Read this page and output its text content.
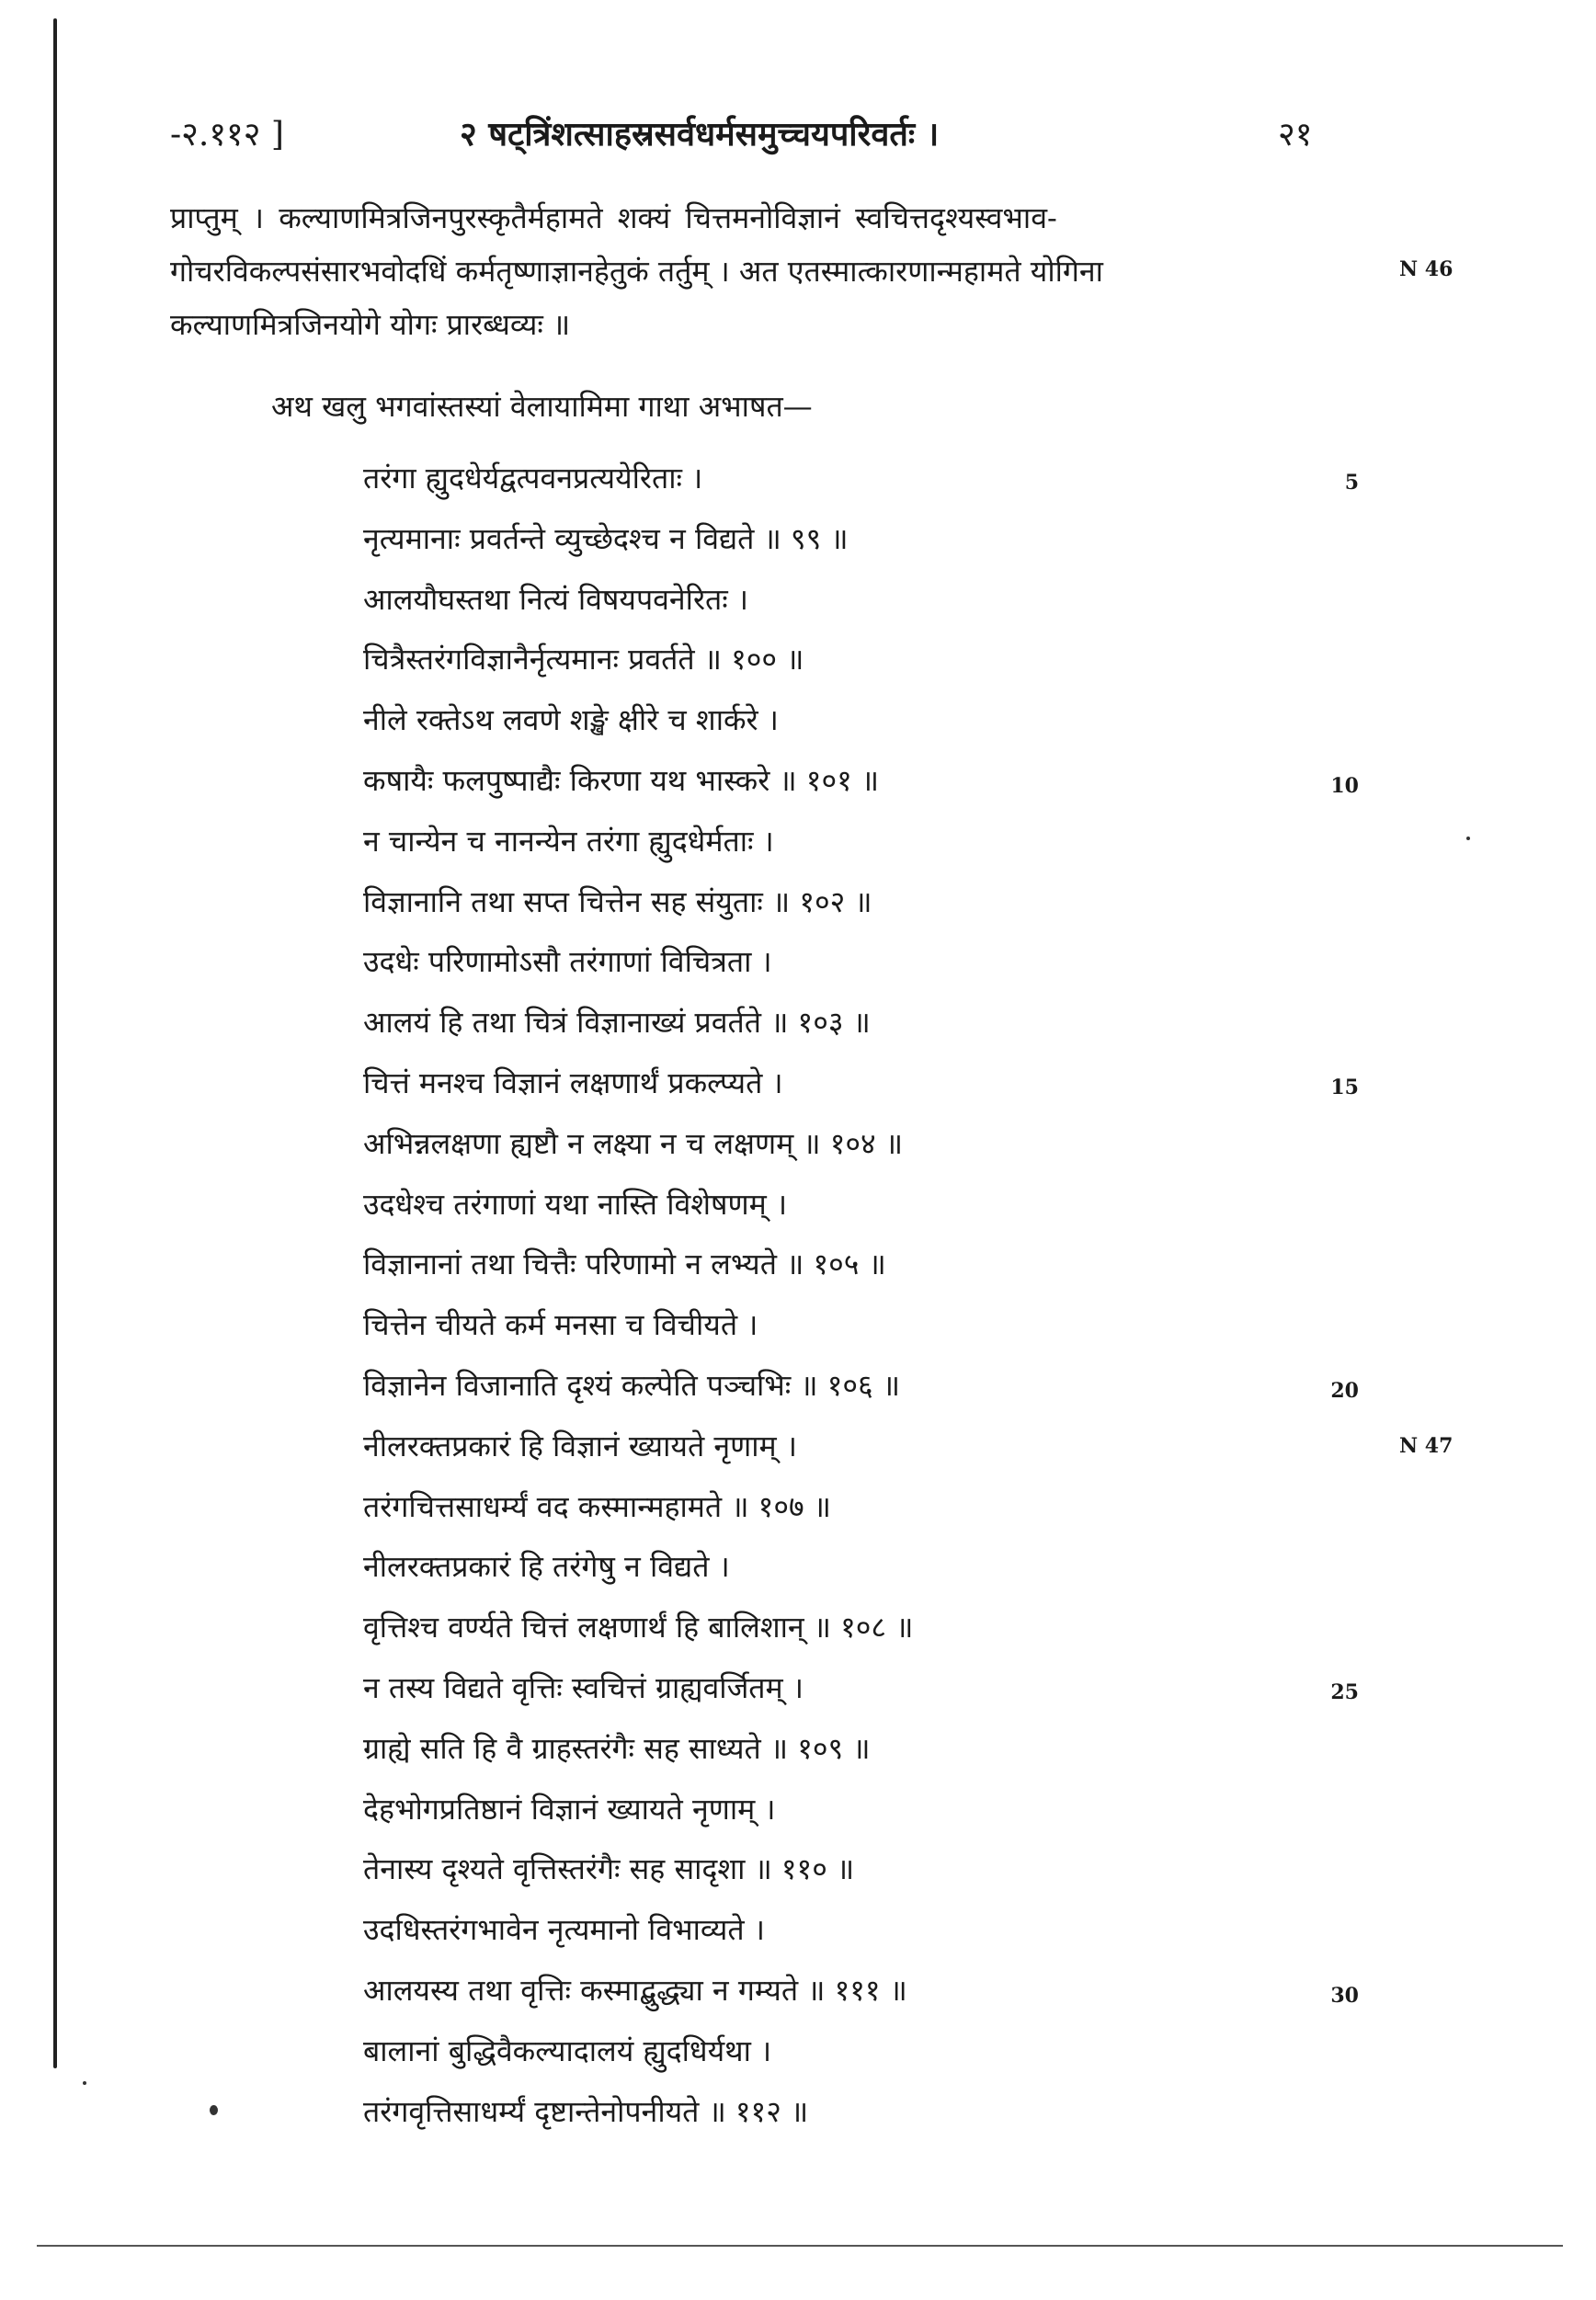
-२.११२ ]	२ षट्त्रिंशत्साहस्रसर्वधर्मसमुच्चयपरिवर्तः ।	२१
प्राप्तुम् । कल्याणमित्रजिनपुरस्कृतैर्महामते शक्यं चित्तमनोविज्ञानं स्वचित्तदृश्यस्वभाव-
गोचरविकल्पसंसारभवोदधिं कर्मतृष्णाज्ञानहेतुकं तर्तुम् । अत एतस्मात्कारणान्महामते योगिना
कल्याणमित्रजिनयोगे योगः प्रारब्धव्यः ॥
अथ खलु भगवांस्तस्यां वेलायामिमा गाथा अभाषत—
तरंगा ह्युदधेर्यद्वत्पवनप्रत्ययेरिताः ।
नृत्यमानाः प्रवर्तन्ते व्युच्छेदश्च न विद्यते ॥ ९९ ॥
आलयौघस्तथा नित्यं विषयपवनेरितः ।
चित्रैस्तरंगविज्ञानैर्नृत्यमानः प्रवर्तते ॥ १०० ॥
नीले रक्तेऽथ लवणे शङ्खे क्षीरे च शार्करे ।
कषायैः फलपुष्पाद्यैः किरणा यथ भास्करे ॥ १०१ ॥
न चान्येन च नानन्येन तरंगा ह्युदधेर्मताः ।
विज्ञानानि तथा सप्त चित्तेन सह संयुताः ॥ १०२ ॥
उदधेः परिणामोऽसौ तरंगाणां विचित्रता ।
आलयं हि तथा चित्रं विज्ञानाख्यं प्रवर्तते ॥ १०३ ॥
चित्तं मनश्च विज्ञानं लक्षणार्थं प्रकल्प्यते ।
अभिन्नलक्षणा ह्यष्टौ न लक्ष्या न च लक्षणम् ॥ १०४ ॥
उदधेश्च तरंगाणां यथा नास्ति विशेषणम् ।
विज्ञानानां तथा चित्तैः परिणामो न लभ्यते ॥ १०५ ॥
चित्तेन चीयते कर्म मनसा च विचीयते ।
विज्ञानेन विजानाति दृश्यं कल्पेति पञ्चभिः ॥ १०६ ॥
नीलरक्तप्रकारं हि विज्ञानं ख्यायते नृणाम् ।
तरंगचित्तसाधर्म्यं वद कस्मान्महामते ॥ १०७ ॥
नीलरक्तप्रकारं हि तरंगेषु न विद्यते ।
वृत्तिश्च वर्ण्यते चित्तं लक्षणार्थं हि बालिशान् ॥ १०८ ॥
न तस्य विद्यते वृत्तिः स्वचित्तं ग्राह्यवर्जितम् ।
ग्राह्ये सति हि वै ग्राहस्तरंगैः सह साध्यते ॥ १०९ ॥
देहभोगप्रतिष्ठानं विज्ञानं ख्यायते नृणाम् ।
तेनास्य दृश्यते वृत्तिस्तरंगैः सह सादृशा ॥ ११० ॥
उदधिस्तरंगभावेन नृत्यमानो विभाव्यते ।
आलयस्य तथा वृत्तिः कस्माद्बुद्ध्या न गम्यते ॥ १११ ॥
बालानां बुद्धिवैकल्यादालयं ह्युदधिर्यथा ।
तरंगवृत्तिसाधर्म्यं दृष्टान्तेनोपनीयते ॥ ११२ ॥
5
10
15
20
25
30
N 46
N 47
